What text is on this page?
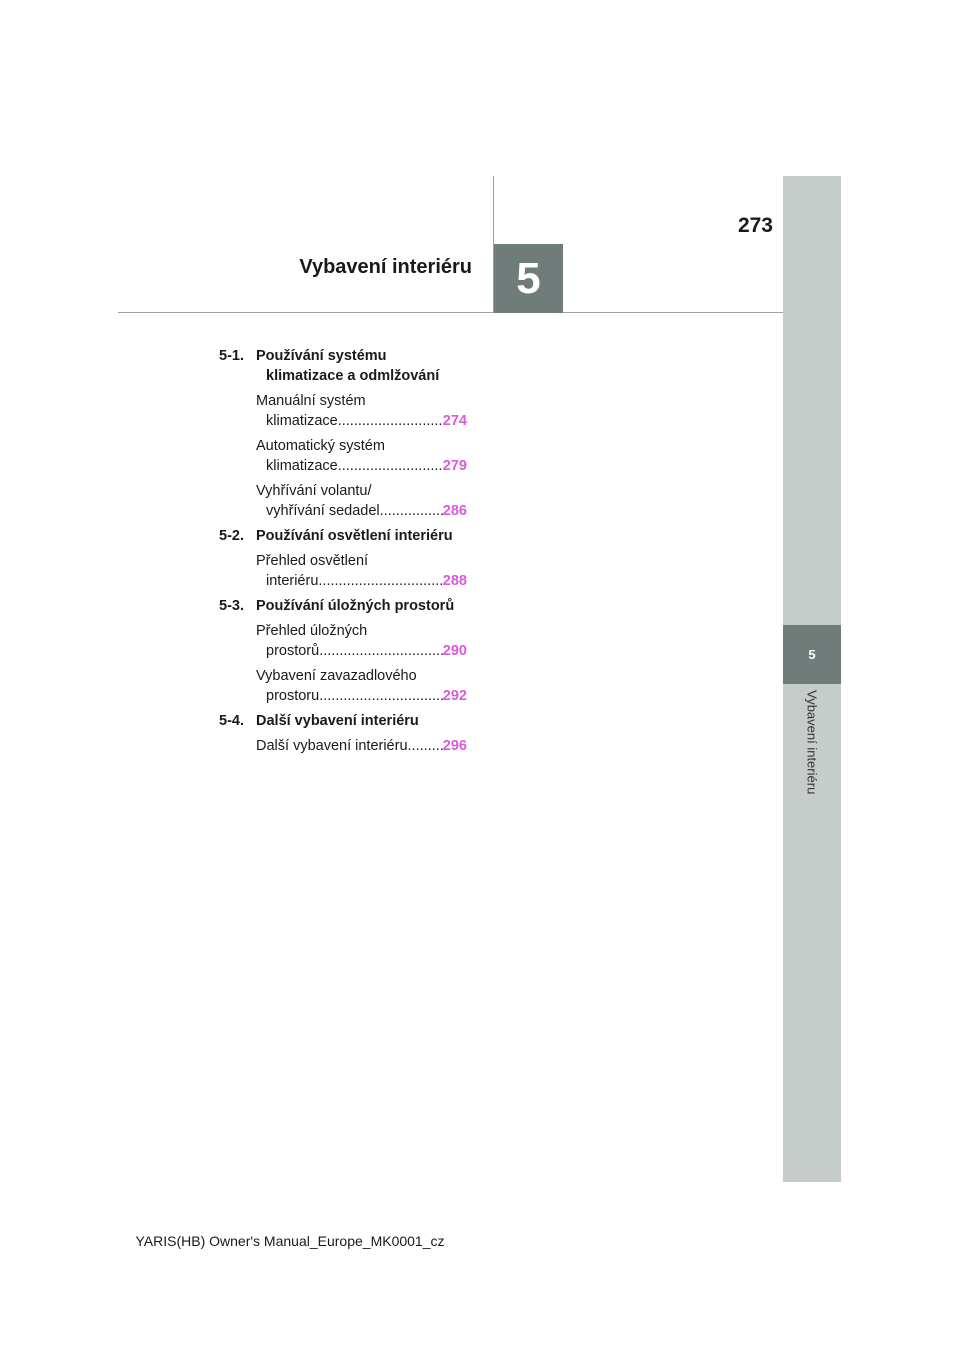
5
Vybavení interiéru
5
273
Vybavení interiéru
5-1. Používání systému
klimatizace a odmlžování
Manuální systém
klimatizace .....	274
Automatický systém
klimatizace .....	279
Vyhřívání volantu/
vyhřívání sedadel .....	286
5-2. Používání osvětlení interiéru
Přehled osvětlení
interiéru .....	288
5-3. Používání úložných prostorů
Přehled úložných
prostorů .....	290
Vybavení zavazadlového
prostoru .....	292
5-4. Další vybavení interiéru
Další vybavení interiéru ..... 296
YARIS(HB) Owner's Manual_Europe_MK0001_cz
